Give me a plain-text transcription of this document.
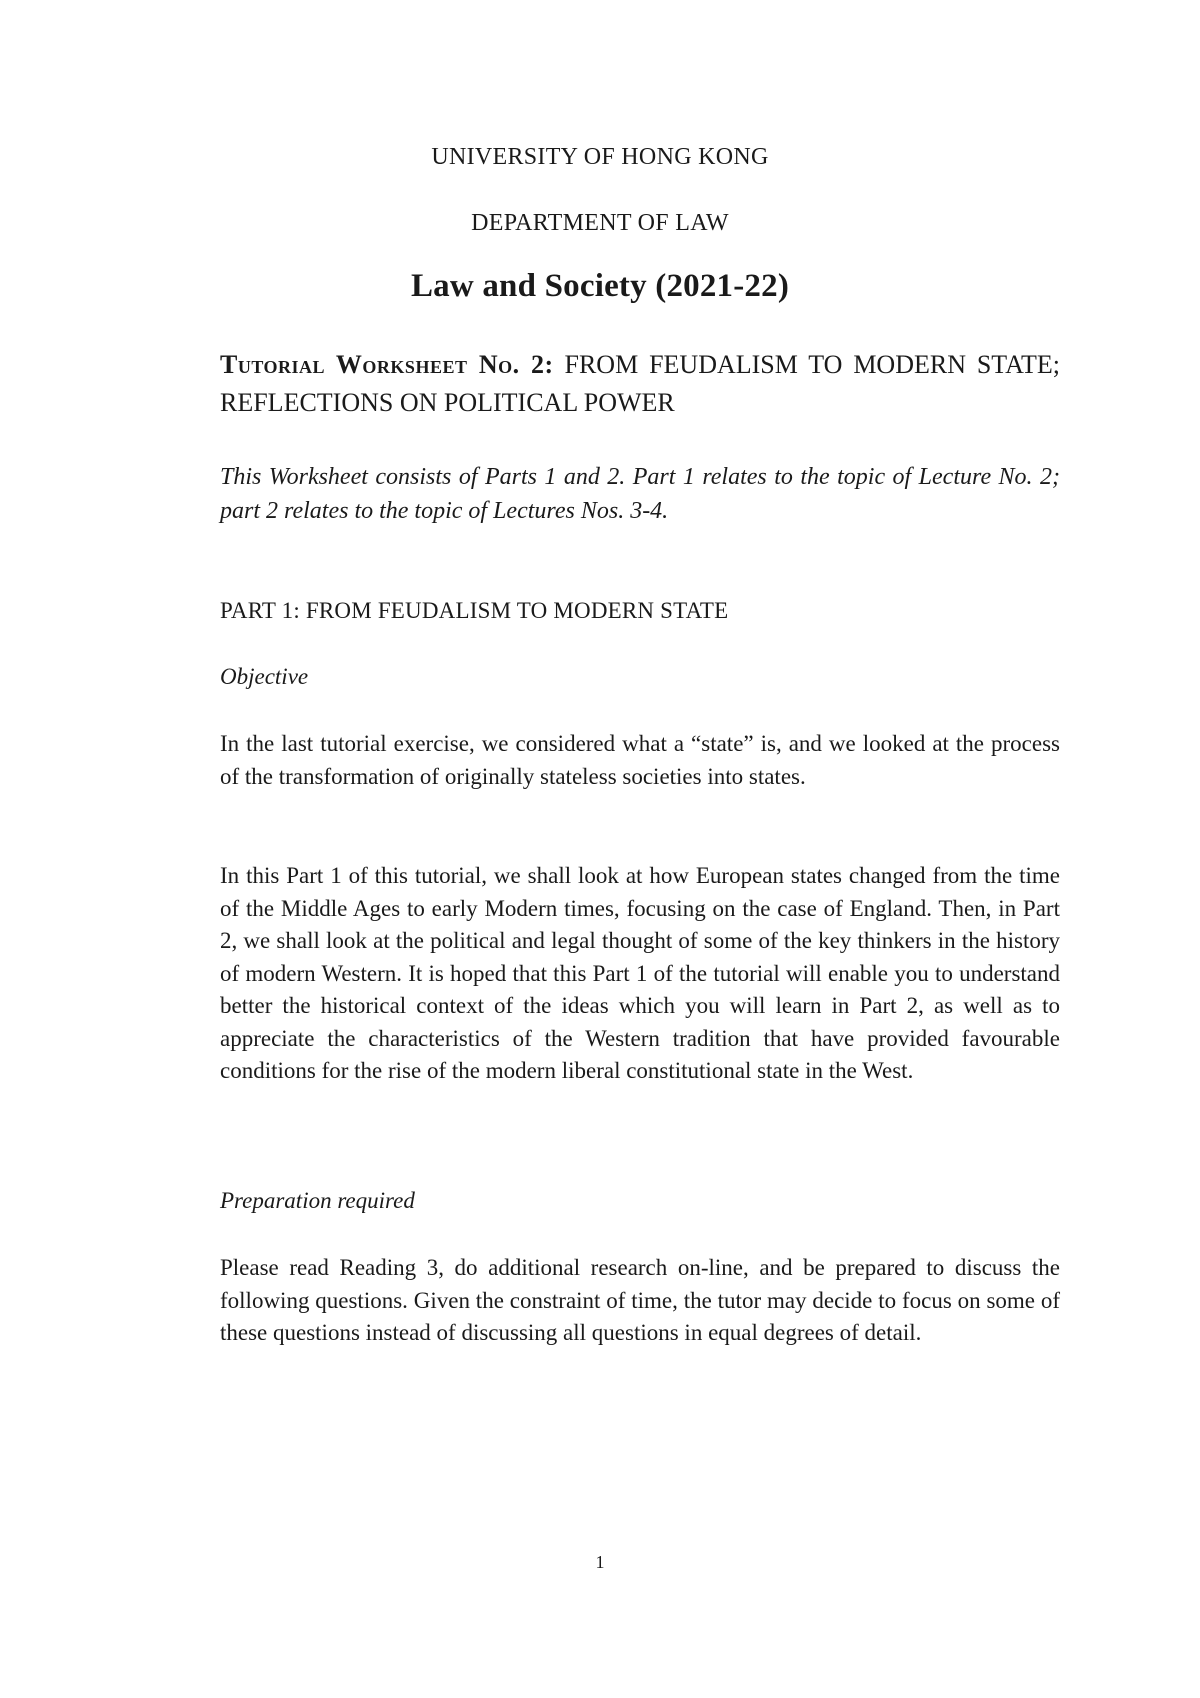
UNIVERSITY OF HONG KONG
DEPARTMENT OF LAW
Law and Society (2021-22)
Tutorial Worksheet No. 2: FROM FEUDALISM TO MODERN STATE; REFLECTIONS ON POLITICAL POWER
This Worksheet consists of Parts 1 and 2. Part 1 relates to the topic of Lecture No. 2; part 2 relates to the topic of Lectures Nos. 3-4.
PART 1: FROM FEUDALISM TO MODERN STATE
Objective
In the last tutorial exercise, we considered what a “state” is, and we looked at the process of the transformation of originally stateless societies into states.
In this Part 1 of this tutorial, we shall look at how European states changed from the time of the Middle Ages to early Modern times, focusing on the case of England. Then, in Part 2, we shall look at the political and legal thought of some of the key thinkers in the history of modern Western. It is hoped that this Part 1 of the tutorial will enable you to understand better the historical context of the ideas which you will learn in Part 2, as well as to appreciate the characteristics of the Western tradition that have provided favourable conditions for the rise of the modern liberal constitutional state in the West.
Preparation required
Please read Reading 3, do additional research on-line, and be prepared to discuss the following questions. Given the constraint of time, the tutor may decide to focus on some of these questions instead of discussing all questions in equal degrees of detail.
1
